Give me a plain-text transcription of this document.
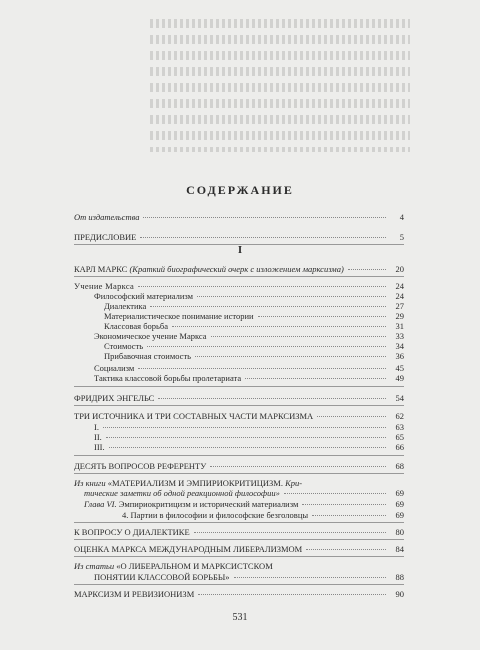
СОДЕРЖАНИЕ
От издательства	4
ПРЕДИСЛОВИЕ	5
I
КАРЛ МАРКС
(Краткий биографический очерк с изложением марксизма)	20
Учение Маркса	24
Философский материализм	24
Диалектика	27
Материалистическое понимание истории	29
Классовая борьба	31
Экономическое учение Маркса	33
Стоимость	34
Прибавочная стоимость	36
Социализм	45
Тактика классовой борьбы пролетариата	49
ФРИДРИХ ЭНГЕЛЬС	54
ТРИ ИСТОЧНИКА И ТРИ СОСТАВНЫХ ЧАСТИ МАРКСИЗМА	62
I.	63
II.	65
III.	66
ДЕСЯТЬ ВОПРОСОВ РЕФЕРЕНТУ	68
Из книги
«МАТЕРИАЛИЗМ И ЭМПИРИОКРИТИЦИЗМ.
Кри-
тические заметки об одной реакционной философии»	69
Глава VI.
Эмпириокритицизм и исторический материализм	69
4. Партии в философии и философские безголовцы	69
К ВОПРОСУ О ДИАЛЕКТИКЕ	80
ОЦЕНКА МАРКСА МЕЖДУНАРОДНЫМ ЛИБЕРАЛИЗМОМ	84
Из статьи
«О ЛИБЕРАЛЬНОМ И МАРКСИСТСКОМ
ПОНЯТИИ КЛАССОВОЙ БОРЬБЫ»	88
МАРКСИЗМ И РЕВИЗИОНИЗМ	90
531
